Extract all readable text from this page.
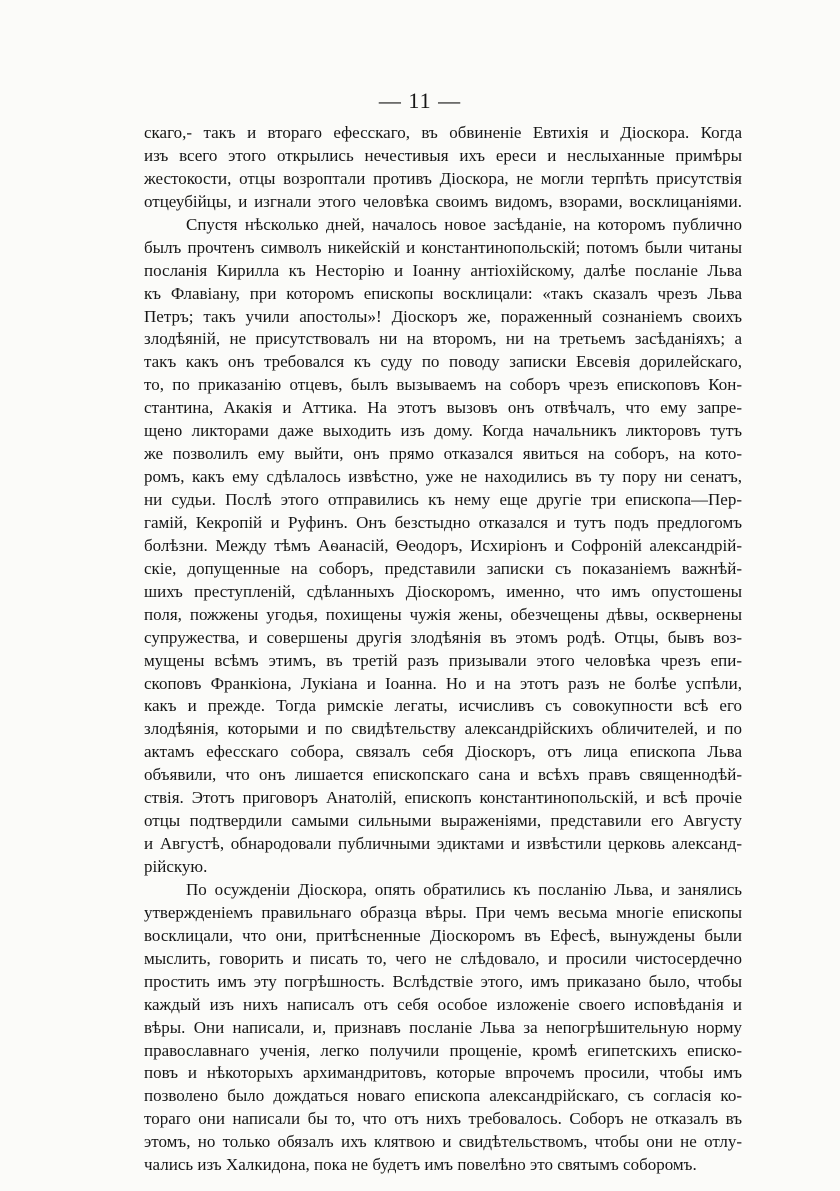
— 11 —
скаго,- такъ и втораго ефесскаго, въ обвиненіе Евтихія и Діоскора. Когда
изъ всего этого открылись нечестивыя ихъ ереси и неслыханные примѣры
жестокости, отцы возроптали противъ Діоскора, не могли терпѣть присутствія
отцеубійцы, и изгнали этого человѣка своимъ видомъ, взорами, восклицаніями.
Спустя нѣсколько дней, началось новое засѣданіе, на которомъ публично
былъ прочтенъ символъ никейскій и константинопольскій; потомъ были читаны
посланія Кирилла къ Несторію и Іоанну антіохійскому, далѣе посланіе Льва
къ Флавіану, при которомъ епископы восклицали: «такъ сказалъ чрезъ Льва
Петръ; такъ учили апостолы»! Діоскоръ же, пораженный сознаніемъ своихъ
злодѣяній, не присутствовалъ ни на второмъ, ни на третьемъ засѣданіяхъ; а
такъ какъ онъ требовался къ суду по поводу записки Евсевія дорилейскаго,
то, по приказанію отцевъ, былъ вызываемъ на соборъ чрезъ епископовъ Кон-
стантина, Акакія и Аттика. На этотъ вызовъ онъ отвѣчалъ, что ему запре-
щено ликторами даже выходить изъ дому. Когда начальникъ ликторовъ тутъ
же позволилъ ему выйти, онъ прямо отказался явиться на соборъ, на кото-
ромъ, какъ ему сдѣлалось извѣстно, уже не находились въ ту пору ни сенатъ,
ни судьи. Послѣ этого отправились къ нему еще другіе три епископа—Пер-
гамій, Кекропій и Руфинъ. Онъ безстыдно отказался и тутъ подъ предлогомъ
болѣзни. Между тѣмъ Аѳанасій, Ѳеодоръ, Исхиріонъ и Софроній александрій-
скіе, допущенные на соборъ, представили записки съ показаніемъ важнѣй-
шихъ преступленій, сдѣланныхъ Діоскоромъ, именно, что имъ опустошены
поля, пожжены угодья, похищены чужія жены, обезчещены дѣвы, осквернены
супружества, и совершены другія злодѣянія въ этомъ родѣ. Отцы, бывъ воз-
мущены всѣмъ этимъ, въ третій разъ призывали этого человѣка чрезъ епи-
скоповъ Франкіона, Лукіана и Іоанна. Но и на этотъ разъ не болѣе успѣли,
какъ и прежде. Тогда римскіе легаты, исчисливъ съ совокупности всѣ его
злодѣянія, которыми и по свидѣтельству александрійскихъ обличителей, и по
актамъ ефесскаго собора, связалъ себя Діоскоръ, отъ лица епископа Льва
объявили, что онъ лишается епископскаго сана и всѣхъ правъ священнодѣй-
ствія. Этотъ приговоръ Анатолій, епископъ константинопольскій, и всѣ прочіе
отцы подтвердили самыми сильными выраженіями, представили его Августу
и Августѣ, обнародовали публичными эдиктами и извѣстили церковь александ-
рійскую.
По осужденіи Діоскора, опять обратились къ посланію Льва, и занялись
утвержденіемъ правильнаго образца вѣры. При чемъ весьма многіе епископы
восклицали, что они, притѣсненные Діоскоромъ въ Ефесѣ, вынуждены были
мыслить, говорить и писать то, чего не слѣдовало, и просили чистосердечно
простить имъ эту погрѣшность. Вслѣдствіе этого, имъ приказано было, чтобы
каждый изъ нихъ написалъ отъ себя особое изложеніе своего исповѣданія и
вѣры. Они написали, и, признавъ посланіе Льва за непогрѣшительную норму
православнаго ученія, легко получили прощеніе, кромѣ египетскихъ еписко-
повъ и нѣкоторыхъ архимандритовъ, которые впрочемъ просили, чтобы имъ
позволено было дождаться новаго епископа александрійскаго, съ согласія ко-
тораго они написали бы то, что отъ нихъ требовалось. Соборъ не отказалъ въ
этомъ, но только обязалъ ихъ клятвою и свидѣтельствомъ, чтобы они не отлу-
чались изъ Халкидона, пока не будетъ имъ повелѣно это святымъ соборомъ.
